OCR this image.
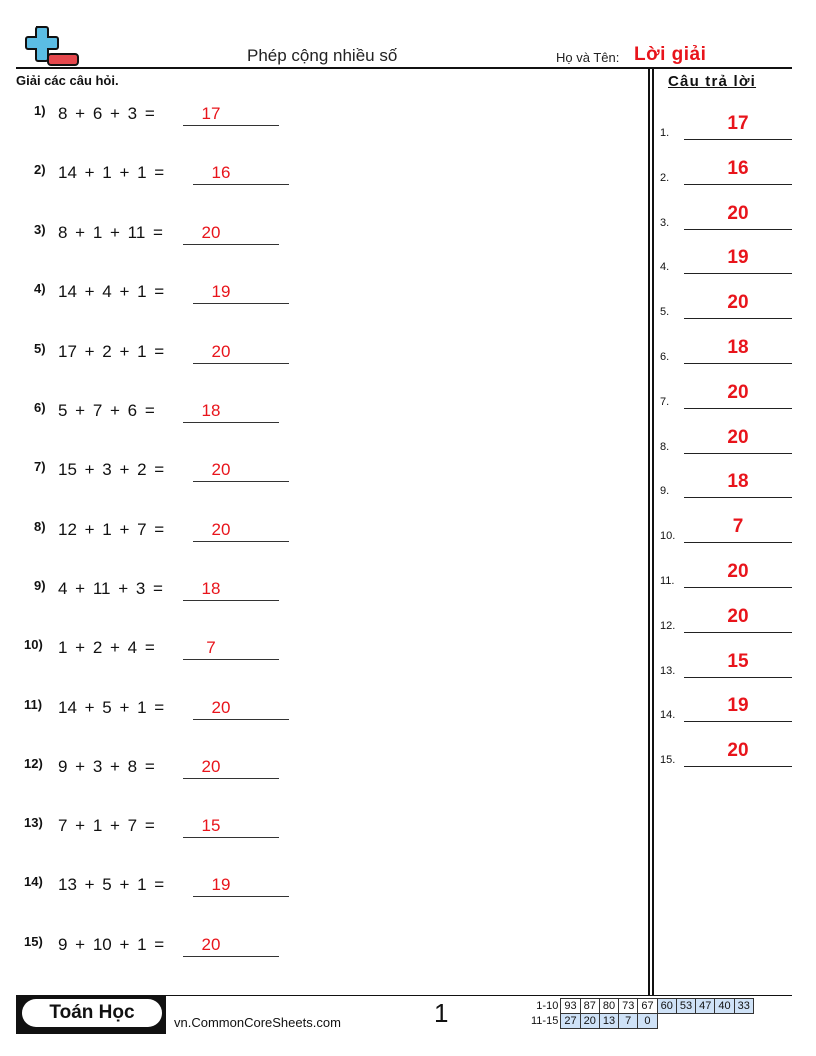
Phép cộng nhiều số	Họ và Tên: Lời giải
Giải các câu hỏi.	Câu trả lời
1) 8 + 6 + 3 =	17
2) 14 + 1 + 1 =	16
3) 8 + 1 + 11 =	20
4) 14 + 4 + 1 =	19
5) 17 + 2 + 1 =	20
6) 5 + 7 + 6 =	18
7) 15 + 3 + 2 =	20
8) 12 + 1 + 7 =	20
9) 4 + 11 + 3 =	18
10) 1 + 2 + 4 =	7
11) 14 + 5 + 1 =	20
12) 9 + 3 + 8 =	20
13) 7 + 1 + 7 =	15
14) 13 + 5 + 1 =	19
15) 9 + 10 + 1 =	20
1.	17
2.	16
3.	20
4.	19
5.	20
6.	18
7.	20
8.	20
9.	18
10.	7
11.	20
12.	20
13.	15
14.	19
15.	20
Toán Học	vn.CommonCoreSheets.com	1	1-10	93	87	80	73	67	60	53	47	40	33
11-15	27	20	13	7	0					
